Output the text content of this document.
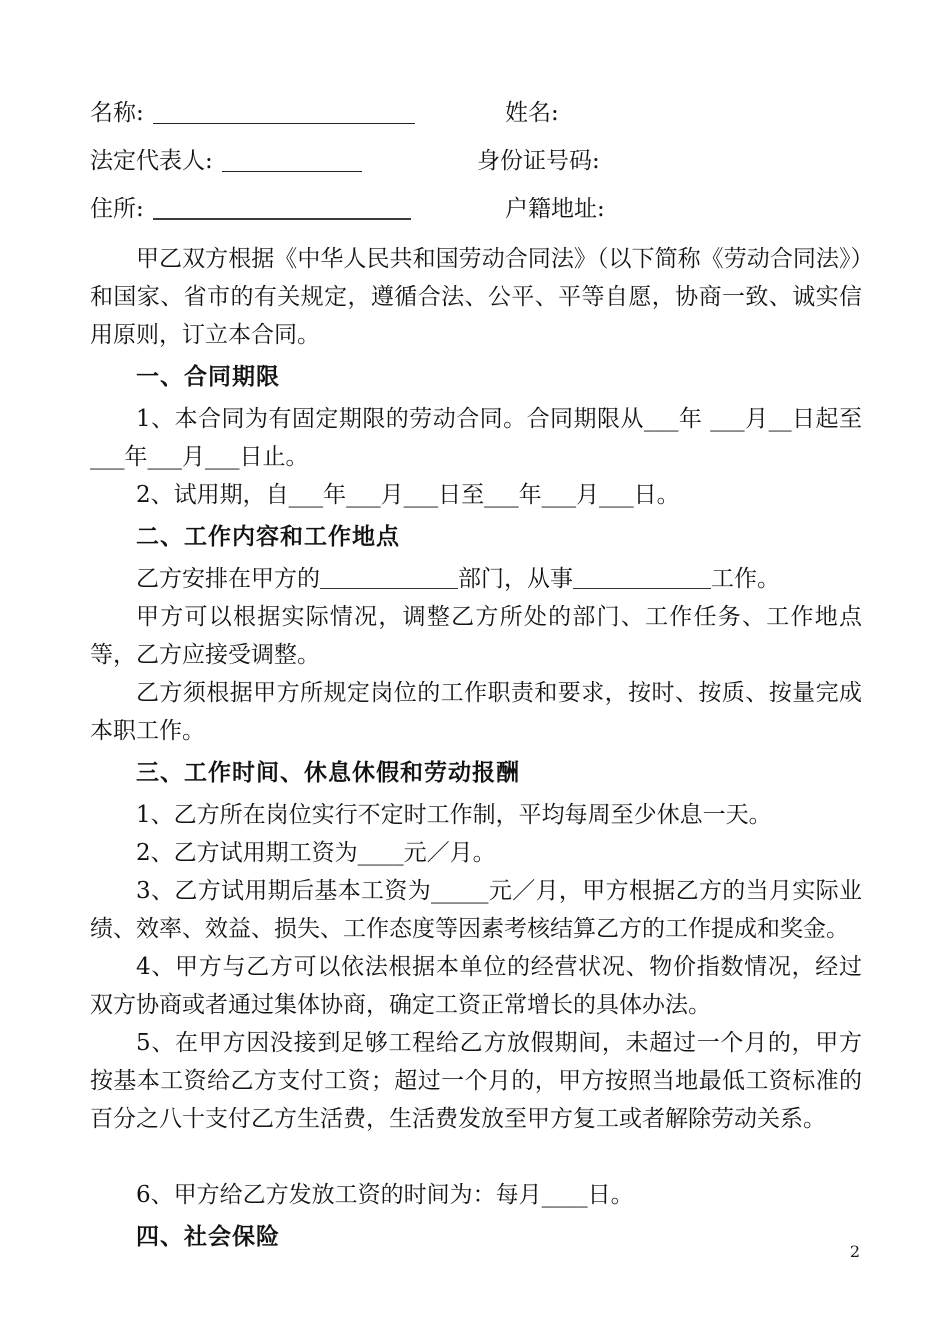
名称:	姓名:
法定代表人:	身份证号码:
住所:	户籍地址:
甲乙双方根据《中华人民共和国劳动合同法》（以下简称《劳动合同法》）和国家、省市的有关规定，遵循合法、公平、平等自愿，协商一致、诚实信用原则，订立本合同。
一、合同期限
1、本合同为有固定期限的劳动合同。合同期限从___年 ___月__日起至___年___月___日止。
2、试用期，自___年___月___日至___年___月___日。
二、工作内容和工作地点
乙方安排在甲方的＿＿＿＿＿＿部门，从事＿＿＿＿＿＿工作。
甲方可以根据实际情况，调整乙方所处的部门、工作任务、工作地点等，乙方应接受调整。
乙方须根据甲方所规定岗位的工作职责和要求，按时、按质、按量完成本职工作。
三、工作时间、休息休假和劳动报酬
1、乙方所在岗位实行不定时工作制，平均每周至少休息一天。
2、乙方试用期工资为____元／月。
3、乙方试用期后基本工资为_____元／月，甲方根据乙方的当月实际业绩、效率、效益、损失、工作态度等因素考核结算乙方的工作提成和奖金。
4、甲方与乙方可以依法根据本单位的经营状况、物价指数情况，经过双方协商或者通过集体协商，确定工资正常增长的具体办法。
5、在甲方因没接到足够工程给乙方放假期间，未超过一个月的，甲方按基本工资给乙方支付工资；超过一个月的，甲方按照当地最低工资标准的百分之八十支付乙方生活费，生活费发放至甲方复工或者解除劳动关系。
6、甲方给乙方发放工资的时间为：每月____日。
四、社会保险
2
